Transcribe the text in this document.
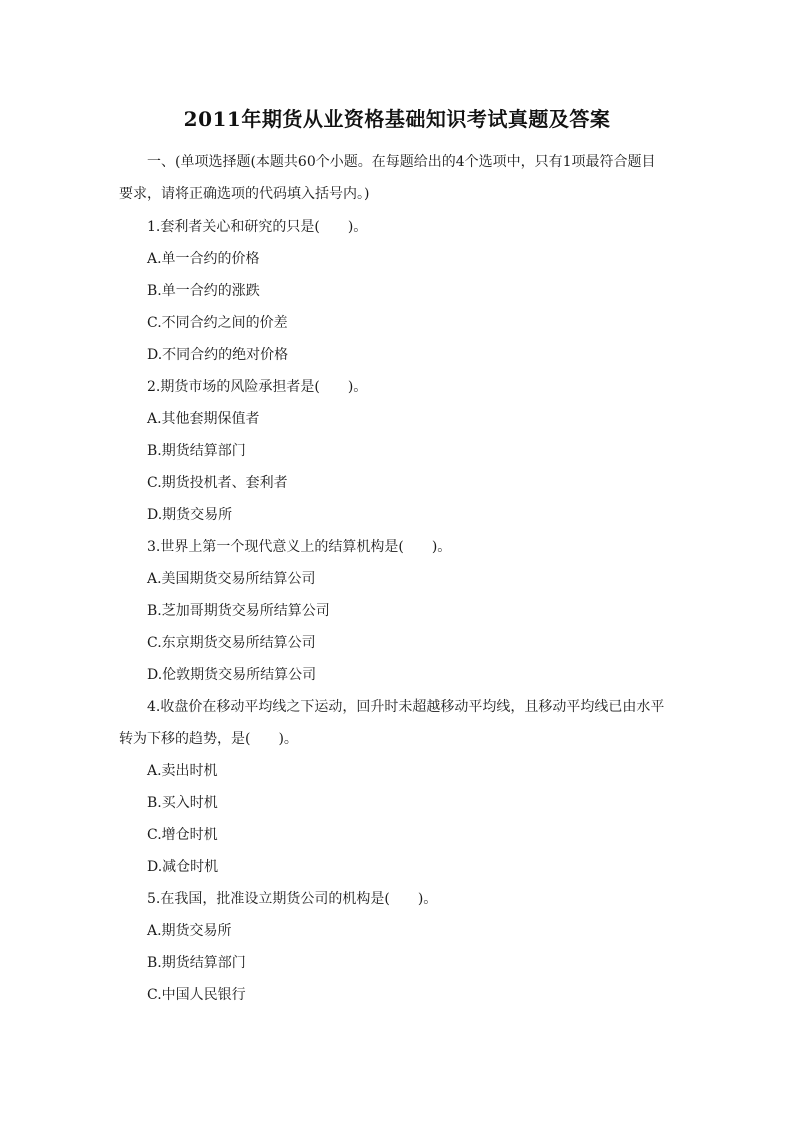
2011年期货从业资格基础知识考试真题及答案
一、(单项选择题(本题共60个小题。在每题给出的4个选项中，只有1项最符合题目
要求，请将正确选项的代码填入括号内。)
1.套利者关心和研究的只是(　　)。
A.单一合约的价格
B.单一合约的涨跌
C.不同合约之间的价差
D.不同合约的绝对价格
2.期货市场的风险承担者是(　　)。
A.其他套期保值者
B.期货结算部门
C.期货投机者、套利者
D.期货交易所
3.世界上第一个现代意义上的结算机构是(　　)。
A.美国期货交易所结算公司
B.芝加哥期货交易所结算公司
C.东京期货交易所结算公司
D.伦敦期货交易所结算公司
4.收盘价在移动平均线之下运动，回升时未超越移动平均线，且移动平均线已由水平
转为下移的趋势，是(　　)。
A.卖出时机
B.买入时机
C.增仓时机
D.减仓时机
5.在我国，批准设立期货公司的机构是(　　)。
A.期货交易所
B.期货结算部门
C.中国人民银行
